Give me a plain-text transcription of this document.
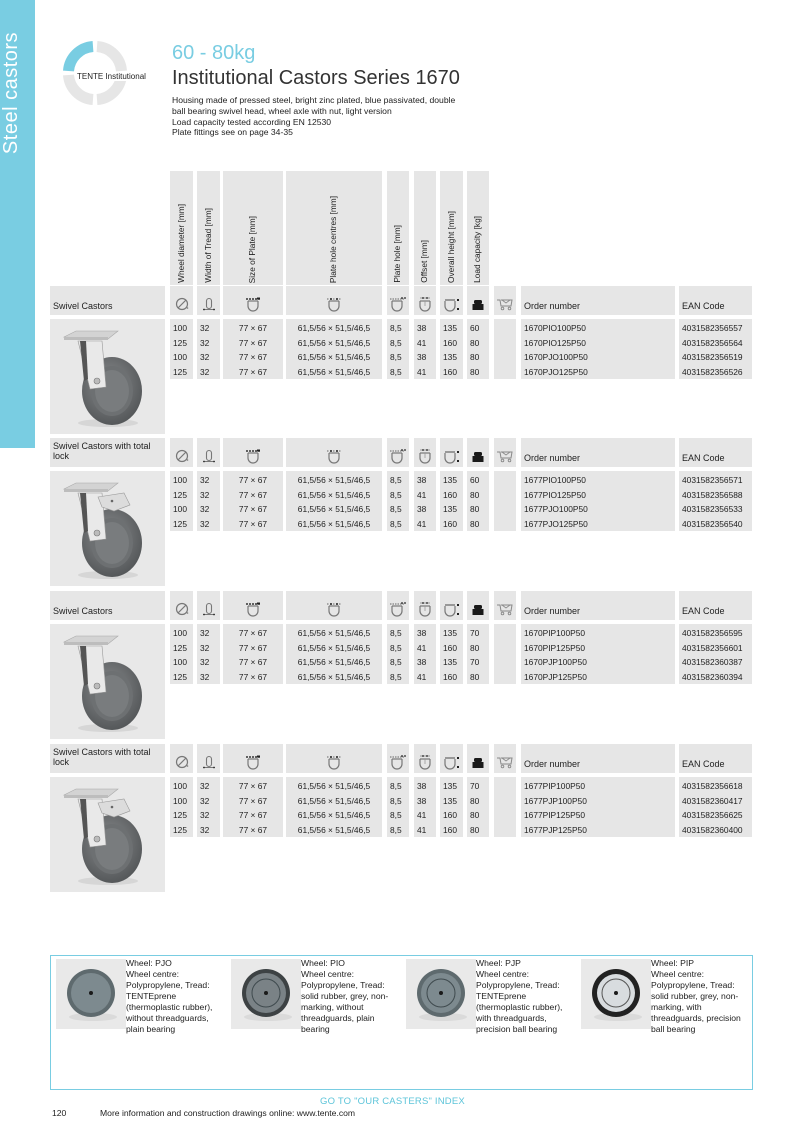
Steel castors	TENTE Institutional
60 - 80kg
Institutional Castors Series 1670
Housing made of pressed steel, bright zinc plated, blue passivated, double
ball bearing swivel head, wheel axle with nut, light version
Load capacity tested according EN 12530
Plate fittings see on page 34-35
Wheel diameter [mm] Width of Tread [mm]	Size of Plate [mm]	Plate hole centres [mm]	Plate hole [mm] Offset [mm] Overall height [mm] Load capacity [kg]
Swivel Castors	Order number	EAN Code
100 32	77 × 67	61,5/56 × 51,5/46,5	8,5 38 135 60	1670PIO100P50	4031582356557
125 32	77 × 67	61,5/56 × 51,5/46,5	8,5 41 160 80	1670PIO125P50	4031582356564
100 32	77 × 67	61,5/56 × 51,5/46,5	8,5 38 135 80	1670PJO100P50	4031582356519
125 32	77 × 67	61,5/56 × 51,5/46,5	8,5 41 160 80	1670PJO125P50	4031582356526
Swivel Castors with total lock	Order number	EAN Code
100 32	77 × 67	61,5/56 × 51,5/46,5	8,5 38 135 60	1677PIO100P50	4031582356571
125 32	77 × 67	61,5/56 × 51,5/46,5	8,5 41 160 80	1677PIO125P50	4031582356588
100 32	77 × 67	61,5/56 × 51,5/46,5	8,5 38 135 80	1677PJO100P50	4031582356533
125 32	77 × 67	61,5/56 × 51,5/46,5	8,5 41 160 80	1677PJO125P50	4031582356540
Swivel Castors	Order number	EAN Code
100 32	77 × 67	61,5/56 × 51,5/46,5	8,5 38 135 70	1670PIP100P50	4031582356595
125 32	77 × 67	61,5/56 × 51,5/46,5	8,5 41 160 80	1670PIP125P50	4031582356601
100 32	77 × 67	61,5/56 × 51,5/46,5	8,5 38 135 70	1670PJP100P50	4031582360387
125 32	77 × 67	61,5/56 × 51,5/46,5	8,5 41 160 80	1670PJP125P50	4031582360394
Swivel Castors with total lock	Order number	EAN Code
100 32	77 × 67	61,5/56 × 51,5/46,5	8,5 38 135 70	1677PIP100P50	4031582356618
100 32	77 × 67	61,5/56 × 51,5/46,5	8,5 38 135 80	1677PJP100P50	4031582360417
125 32	77 × 67	61,5/56 × 51,5/46,5	8,5 41 160 80	1677PIP125P50	4031582356625
125 32	77 × 67	61,5/56 × 51,5/46,5	8,5 41 160 80	1677PJP125P50	4031582360400
Wheel: PJO
Wheel centre:
Polypropylene, Tread:
TENTEprene
(thermoplastic rubber),
without threadguards,
plain bearing
Wheel: PIO
Wheel centre:
Polypropylene, Tread:
solid rubber, grey, non-
marking, without
threadguards, plain
bearing
Wheel: PJP
Wheel centre:
Polypropylene, Tread:
TENTEprene
(thermoplastic rubber),
with threadguards,
precision ball bearing
Wheel: PIP
Wheel centre:
Polypropylene, Tread:
solid rubber, grey, non-
marking, with
threadguards, precision
ball bearing
GO TO "OUR CASTERS" INDEX
120	More information and construction drawings online: www.tente.com
